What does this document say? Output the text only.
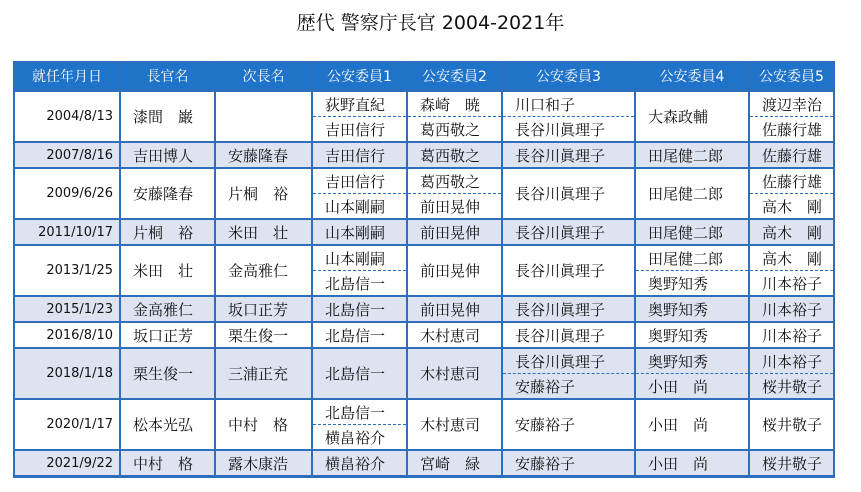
歴代 警察庁長官 2004-2021年
就任年月日	長官名	次長名	公安委員1	公安委員2	公安委員3	公安委員4	公安委員5
2004/8/13	漆間　巌		荻野直紀	森崎　暁	川口和子	大森政輔	渡辺幸治
			吉田信行	葛西敬之	長谷川眞理子		佐藤行雄
2007/8/16	吉田博人	安藤隆春	吉田信行	葛西敬之	長谷川眞理子	田尾健二郎	佐藤行雄
2009/6/26	安藤隆春	片桐　裕	吉田信行	葛西敬之	長谷川眞理子	田尾健二郎	佐藤行雄
			山本剛嗣	前田晃伸			高木　剛
2011/10/17	片桐　裕	米田　壮	山本剛嗣	前田晃伸	長谷川眞理子	田尾健二郎	高木　剛
2013/1/25	米田　壮	金高雅仁	山本剛嗣	前田晃伸	長谷川眞理子	田尾健二郎	高木　剛
			北島信一			奥野知秀	川本裕子
2015/1/23	金高雅仁	坂口正芳	北島信一	前田晃伸	長谷川眞理子	奥野知秀	川本裕子
2016/8/10	坂口正芳	栗生俊一	北島信一	木村恵司	長谷川眞理子	奥野知秀	川本裕子
2018/1/18	栗生俊一	三浦正充	北島信一	木村恵司	長谷川眞理子	奥野知秀	川本裕子
					安藤裕子	小田　尚	桜井敬子
2020/1/17	松本光弘	中村　格	北島信一	木村恵司	安藤裕子	小田　尚	桜井敬子
			横畠裕介				
2021/9/22	中村　格	露木康浩	横畠裕介	宮崎　緑	安藤裕子	小田　尚	桜井敬子
